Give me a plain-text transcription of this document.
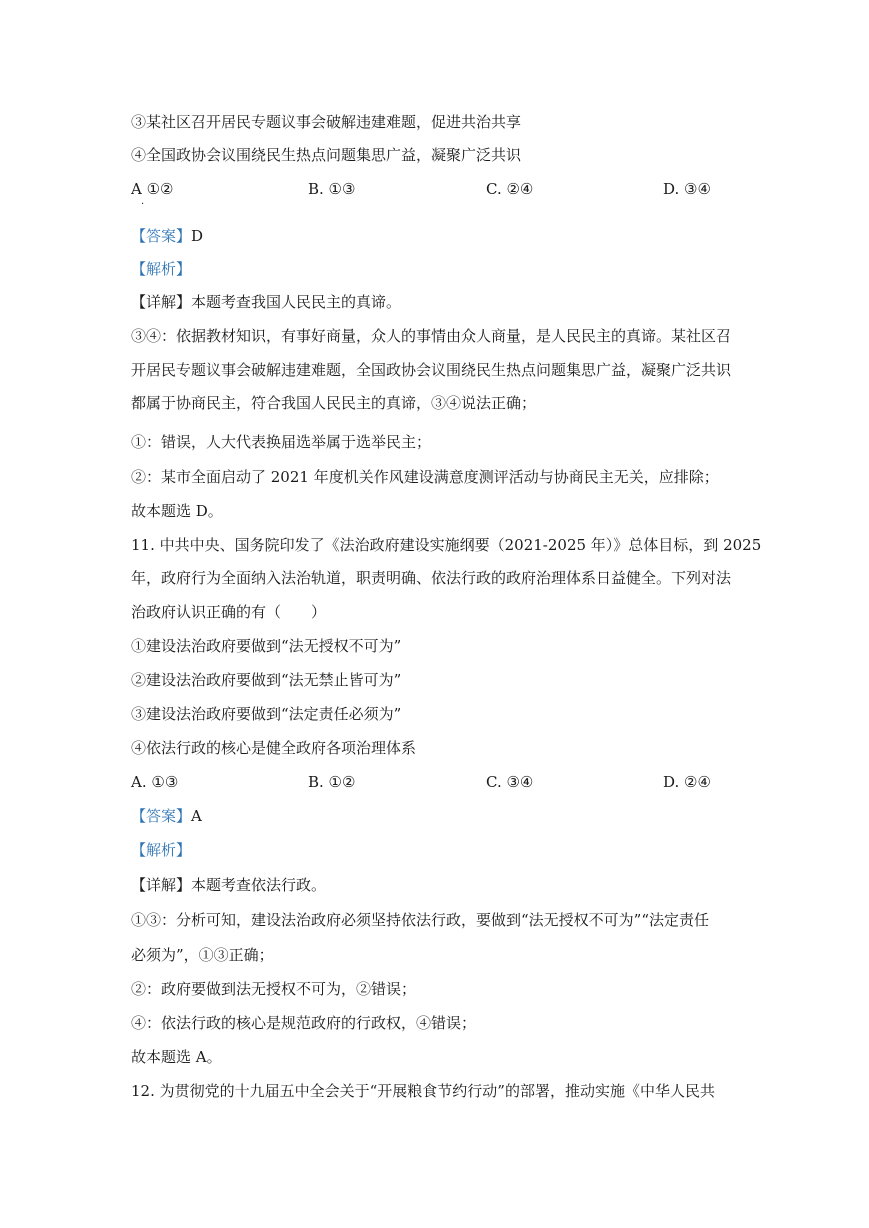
③某社区召开居民专题议事会破解违建难题，促进共治共享
④全国政协会议围绕民生热点问题集思广益，凝聚广泛共识
A ①②	B. ①③	C. ②④	D. ③④
·
【答案】D
【解析】
【详解】本题考查我国人民民主的真谛。
③④：依据教材知识，有事好商量，众人的事情由众人商量，是人民民主的真谛。某社区召
开居民专题议事会破解违建难题，全国政协会议围绕民生热点问题集思广益，凝聚广泛共识
都属于协商民主，符合我国人民民主的真谛，③④说法正确；
①：错误，人大代表换届选举属于选举民主；
②：某市全面启动了 2021 年度机关作风建设满意度测评活动与协商民主无关，应排除；
故本题选 D。
11. 中共中央、国务院印发了《法治政府建设实施纲要（2021-2025 年）》总体目标，到 2025
年，政府行为全面纳入法治轨道，职责明确、依法行政的政府治理体系日益健全。下列对法
治政府认识正确的有（　　）
①建设法治政府要做到“法无授权不可为”
②建设法治政府要做到“法无禁止皆可为”
③建设法治政府要做到“法定责任必须为”
④依法行政的核心是健全政府各项治理体系
A. ①③	B. ①②	C. ③④	D. ②④
【答案】A
【解析】
【详解】本题考查依法行政。
①③：分析可知，建设法治政府必须坚持依法行政，要做到“法无授权不可为”“法定责任
必须为”，①③正确；
②：政府要做到法无授权不可为，②错误；
④：依法行政的核心是规范政府的行政权，④错误；
故本题选 A。
12. 为贯彻党的十九届五中全会关于“开展粮食节约行动”的部署，推动实施《中华人民共
